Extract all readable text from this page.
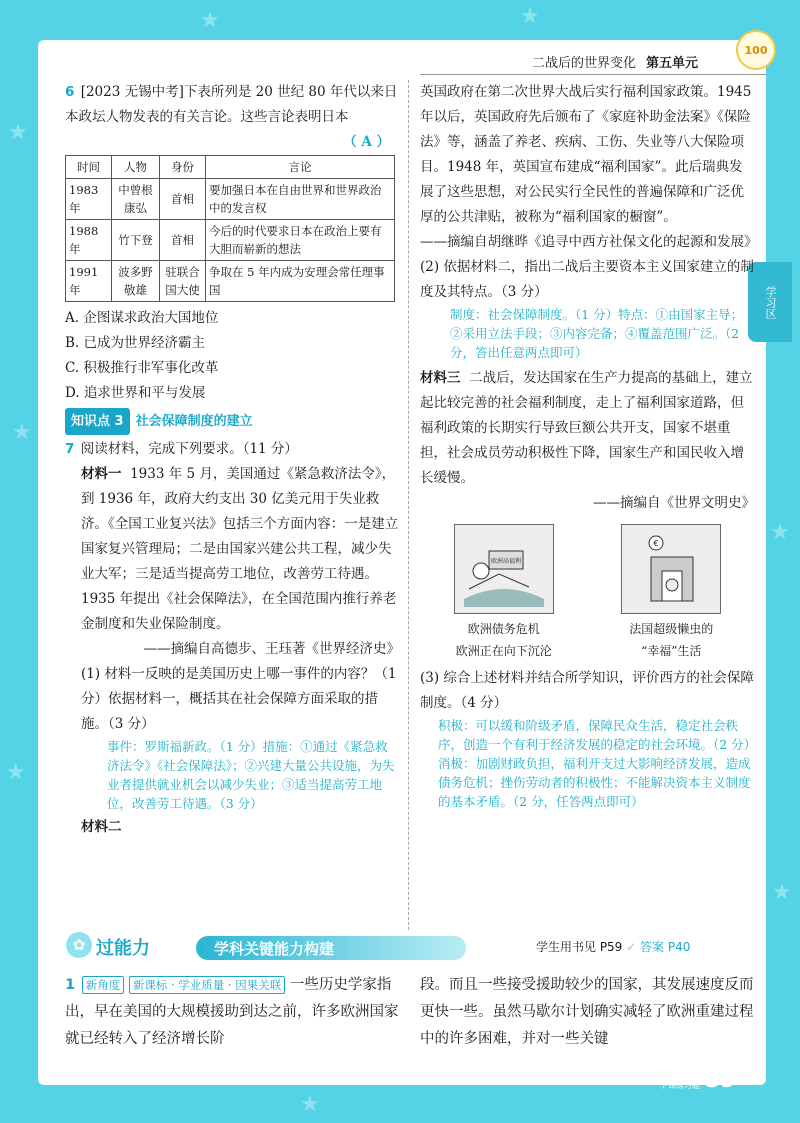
★
★
★
★
★
★	★
★
二战后的世界变化 第五单元
100
学习区
6 [2023 无锡中考]下表所列是 20 世纪 80 年代以来日本政坛人物发表的有关言论。这些言论表明日本
（ A ）
时间	人物	身份	言论
1983 年	中曾根康弘	首相	要加强日本在自由世界和世界政治中的发言权
1988 年	竹下登	首相	今后的时代要求日本在政治上要有大胆而崭新的想法
1991 年	波多野敬雄	驻联合国大使	争取在 5 年内成为安理会常任理事国
A. 企图谋求政治大国地位
B. 已成为世界经济霸主
C. 积极推行非军事化改革
D. 追求世界和平与发展
知识点 3 社会保障制度的建立
7 阅读材料，完成下列要求。（11 分）
材料一 1933 年 5 月，美国通过《紧急救济法令》，到 1936 年，政府大约支出 30 亿美元用于失业救济。《全国工业复兴法》包括三个方面内容：一是建立国家复兴管理局；二是由国家兴建公共工程，减少失业大军；三是适当提高劳工地位，改善劳工待遇。1935 年提出《社会保障法》，在全国范围内推行养老金制度和失业保险制度。
——摘编自高德步、王珏著《世界经济史》
(1) 材料一反映的是美国历史上哪一事件的内容？（1 分）依据材料一，概括其在社会保障方面采取的措施。（3 分）
事件：罗斯福新政。（1 分）措施：①通过《紧急救济法令》《社会保障法》；②兴建大量公共设施，为失业者提供就业机会以减少失业；③适当提高劳工地位，改善劳工待遇。（3 分）
材料二
英国政府在第二次世界大战后实行福利国家政策。1945 年以后，英国政府先后颁布了《家庭补助金法案》《保险法》等，涵盖了养老、疾病、工伤、失业等八大保险项目。1948 年，英国宣布建成“福利国家”。此后瑞典发展了这些思想，对公民实行全民性的普遍保障和广泛优厚的公共津贴，被称为“福利国家的橱窗”。
——摘编自胡继晔《追寻中西方社保文化的起源和发展》
(2) 依据材料二，指出二战后主要资本主义国家建立的制度及其特点。（3 分）
制度：社会保障制度。（1 分）特点：①由国家主导；②采用立法手段；③内容完备；④覆盖范围广泛。（2 分，答出任意两点即可）
材料三 二战后，发达国家在生产力提高的基础上，建立起比较完善的社会福利制度，走上了福利国家道路，但福利政策的长期实行导致巨额公共开支，国家不堪重担，社会成员劳动积极性下降，国家生产和国民收入增长缓慢。
——摘编自《世界文明史》
欧洲高福利
欧洲债务危机
欧洲正在向下沉沦
€
法国超级懒虫的
“幸福”生活
(3) 综合上述材料并结合所学知识，评价西方的社会保障制度。（4 分）
积极：可以缓和阶级矛盾，保障民众生活，稳定社会秩序，创造一个有利于经济发展的稳定的社会环境。（2 分）消极：加剧财政负担，福利开支过大影响经济发展，造成债务危机；挫伤劳动者的积极性；不能解决资本主义制度的基本矛盾。（2 分，任答两点即可）
✿ 过能力	学科关键能力构建	学生用书见 P59 ✓ 答案 P40
1 新角度 新课标 · 学业质量 · 因果关联 一些历史学家指出，早在美国的大规模援助到达之前，许多欧洲国家就已经转入了经济增长阶
段。而且一些接受援助较少的国家，其发展速度反而更快一些。虽然马歇尔计划确实减轻了欧洲重建过程中的许多困难，并对一些关键
上课认真听 下课练习题 59
